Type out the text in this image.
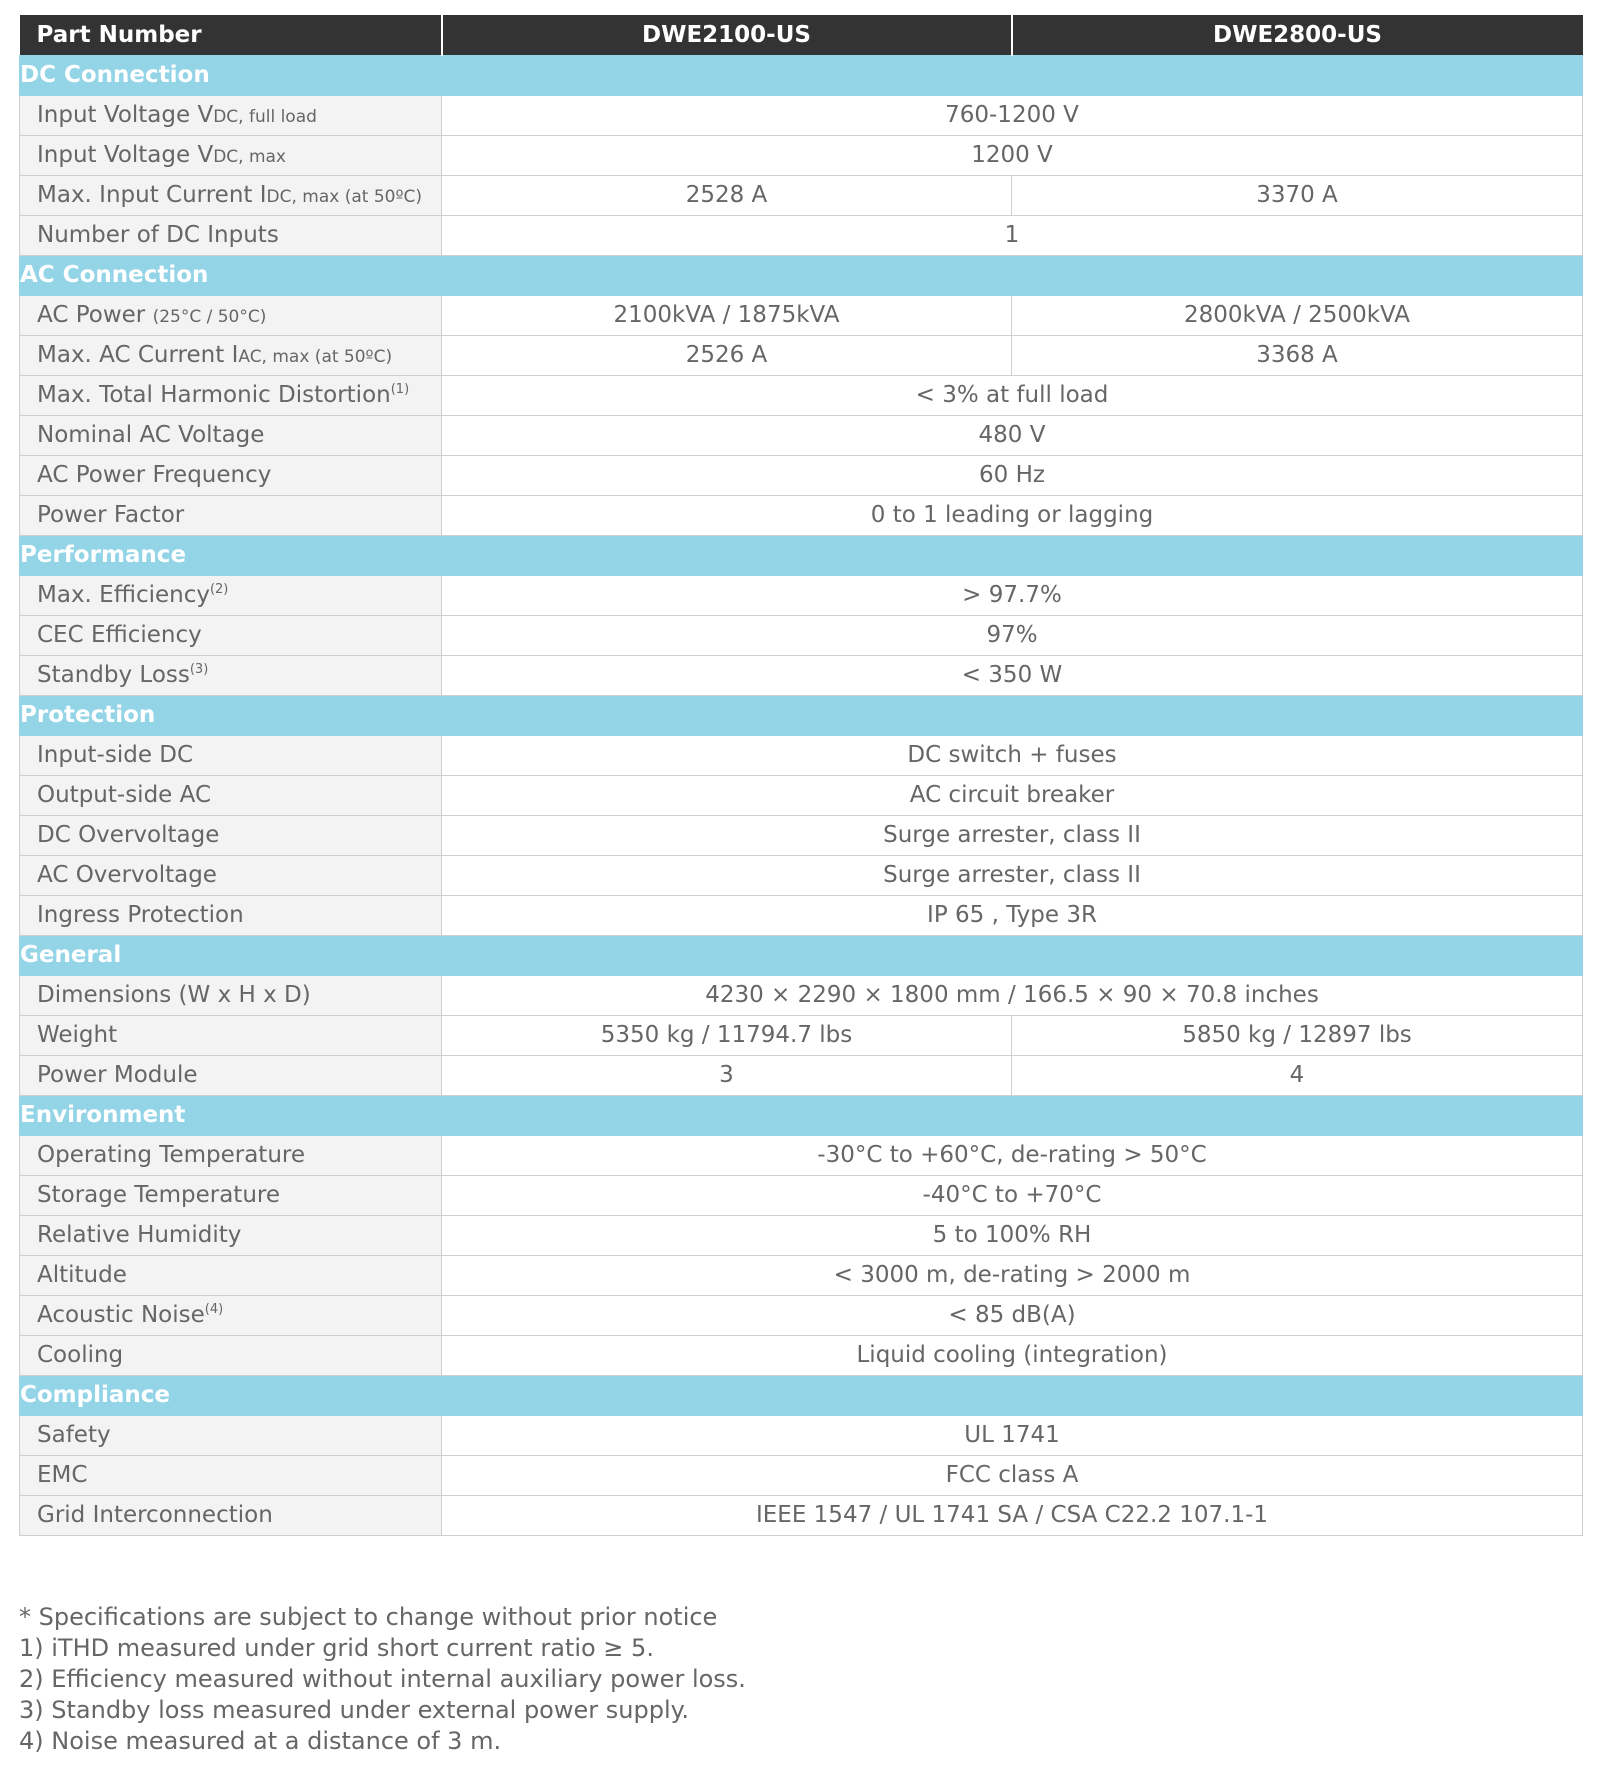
Part Number	DWE2100-US	DWE2800-US
DC Connection		
Input Voltage VDC, full load	760-1200 V	
Input Voltage VDC, max	1200 V	
Max. Input Current IDC, max (at 50ºC)	2528 A	3370 A
Number of DC Inputs	1	
AC Connection		
AC Power (25°C / 50°C)	2100kVA / 1875kVA	2800kVA / 2500kVA
Max. AC Current IAC, max (at 50ºC)	2526 A	3368 A
Max. Total Harmonic Distortion$^{(1)}$	< 3% at full load	
Nominal AC Voltage	480 V	
AC Power Frequency	60 Hz	
Power Factor	0 to 1 leading or lagging	
Performance		
Max. Efficiency$^{(2)}$	> 97.7%	
CEC Efficiency	97%	
Standby Loss$^{(3)}$	< 350 W	
Protection		
Input-side DC	DC switch + fuses	
Output-side AC	AC circuit breaker	
DC Overvoltage	Surge arrester, class II	
AC Overvoltage	Surge arrester, class II	
Ingress Protection	IP 65 , Type 3R	
General		
Dimensions (W x H x D)	4230 × 2290 × 1800 mm / 166.5 × 90 × 70.8 inches	
Weight	5350 kg / 11794.7 lbs	5850 kg / 12897 lbs
Power Module	3	4
Environment		
Operating Temperature	-30°C to +60°C, de-rating > 50°C	
Storage Temperature	-40°C to +70°C	
Relative Humidity	5 to 100% RH	
Altitude	< 3000 m, de-rating > 2000 m	
Acoustic Noise$^{(4)}$	< 85 dB(A)	
Cooling	Liquid cooling (integration)	
Compliance		
Safety	UL 1741	
EMC	FCC class A	
Grid Interconnection	IEEE 1547 / UL 1741 SA / CSA C22.2 107.1-1	
* Specifications are subject to change without prior notice
1) iTHD measured under grid short current ratio ≥ 5.
2) Efficiency measured without internal auxiliary power loss.
3) Standby loss measured under external power supply.
4) Noise measured at a distance of 3 m.
